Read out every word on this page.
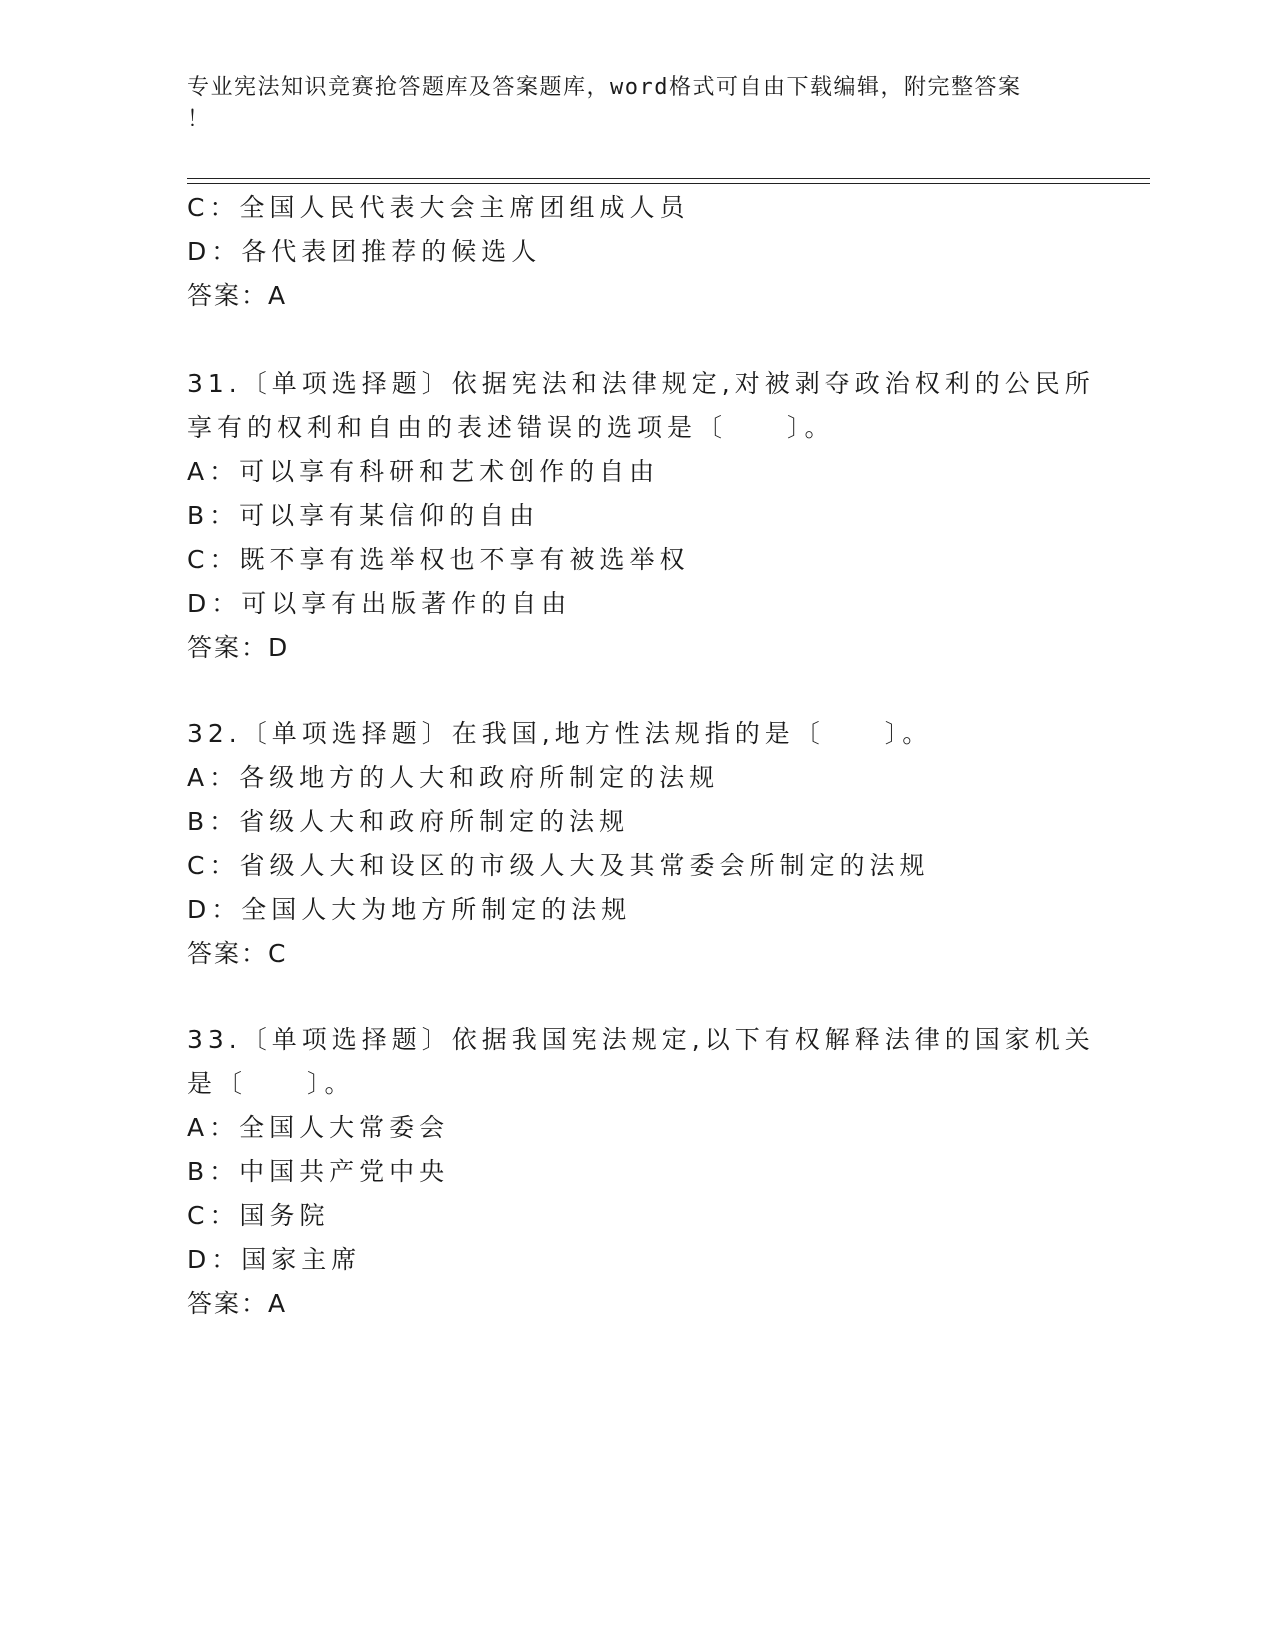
专业宪法知识竞赛抢答题库及答案题库，word格式可自由下载编辑，附完整答案
！
C：全国人民代表大会主席团组成人员
D：各代表团推荐的候选人
答案：A
31.〔单项选择题〕依据宪法和法律规定,对被剥夺政治权利的公民所
享有的权利和自由的表述错误的选项是〔　　〕。
A：可以享有科研和艺术创作的自由
B：可以享有某信仰的自由
C：既不享有选举权也不享有被选举权
D：可以享有出版著作的自由
答案：D
32.〔单项选择题〕在我国,地方性法规指的是〔　　〕。
A：各级地方的人大和政府所制定的法规
B：省级人大和政府所制定的法规
C：省级人大和设区的市级人大及其常委会所制定的法规
D：全国人大为地方所制定的法规
答案：C
33.〔单项选择题〕依据我国宪法规定,以下有权解释法律的国家机关
是〔　　〕。
A：全国人大常委会
B：中国共产党中央
C：国务院
D：国家主席
答案：A
